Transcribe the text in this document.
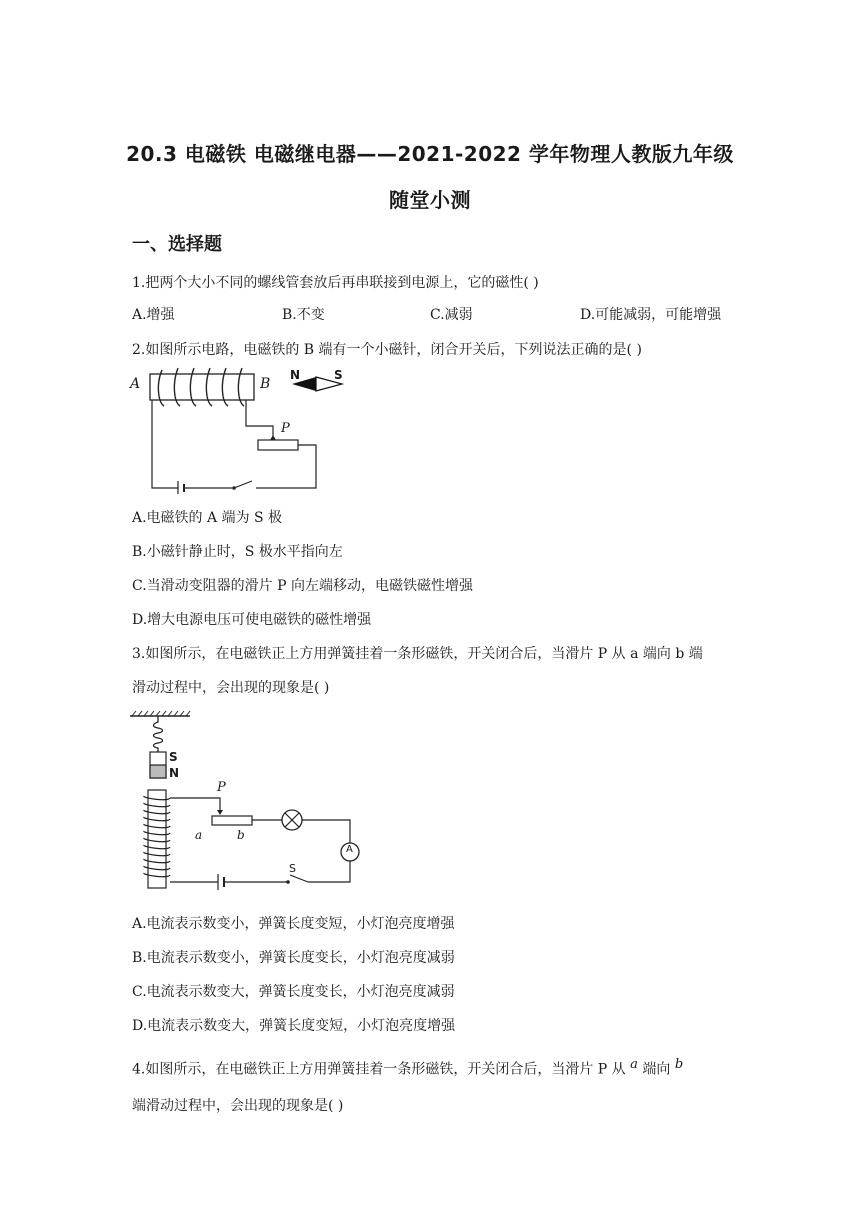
20.3 电磁铁 电磁继电器——2021-2022 学年物理人教版九年级
随堂小测
一、选择题
1.把两个大小不同的螺线管套放后再串联接到电源上，它的磁性( )
A.增强	B.不变	C.减弱	D.可能减弱，可能增强
2.如图所示电路，电磁铁的 B 端有一个小磁针，闭合开关后，下列说法正确的是( )
A	B
N	S
P
A.电磁铁的 A 端为 S 极
B.小磁针静止时，S 极水平指向左
C.当滑动变阻器的滑片 P 向左端移动，电磁铁磁性增强
D.增大电源电压可使电磁铁的磁性增强
3.如图所示，在电磁铁正上方用弹簧挂着一条形磁铁，开关闭合后，当滑片 P 从 a 端向 b 端
滑动过程中，会出现的现象是( )
S
N
P
a	b
A
S
A.电流表示数变小，弹簧长度变短，小灯泡亮度增强
B.电流表示数变小，弹簧长度变长，小灯泡亮度减弱
C.电流表示数变大，弹簧长度变长，小灯泡亮度减弱
D.电流表示数变大，弹簧长度变短，小灯泡亮度增强
4.如图所示，在电磁铁正上方用弹簧挂着一条形磁铁，开关闭合后，当滑片 P 从 $^a$ 端向 $^b$
端滑动过程中，会出现的现象是( )
